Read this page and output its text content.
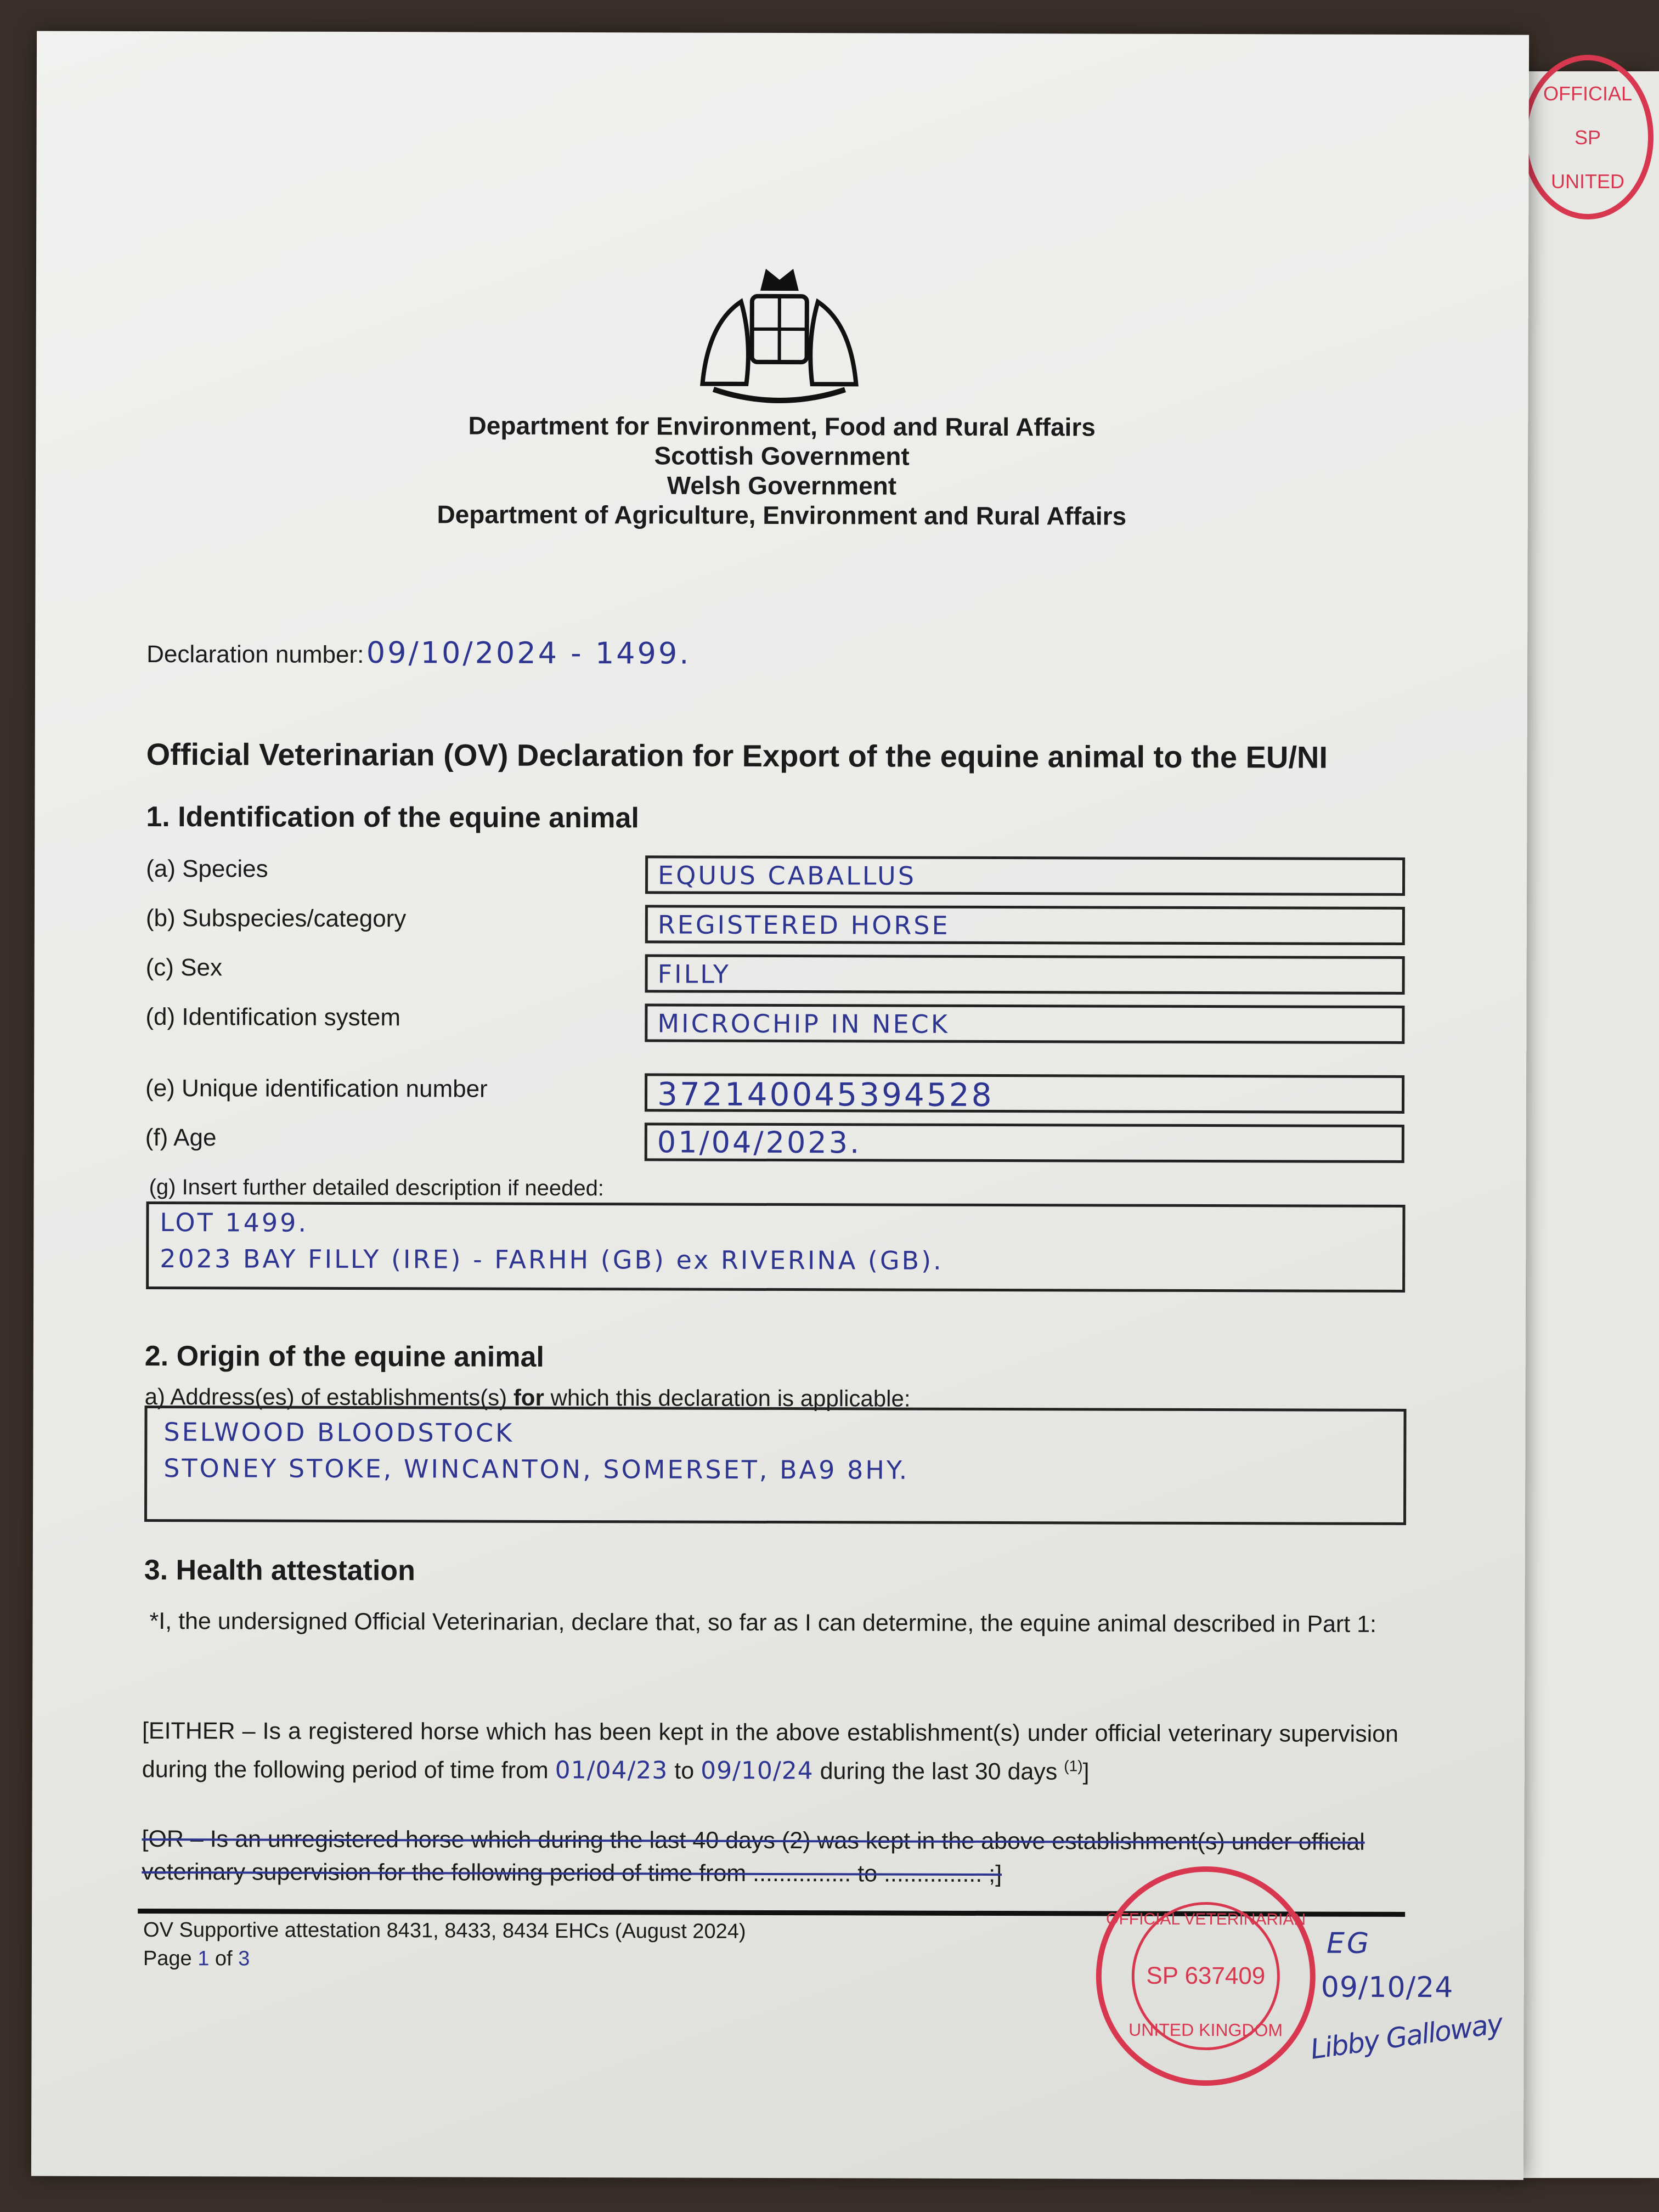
OFFICIAL
SP
UNITED
Department for Environment, Food and Rural Affairs
Scottish Government
Welsh Government
Department of Agriculture, Environment and Rural Affairs
Declaration number: 09/10/2024 - 1499.
Official Veterinarian (OV) Declaration for Export of the equine animal to the EU/NI
1. Identification of the equine animal
(a) Species	EQUUS CABALLUS
(b) Subspecies/category	REGISTERED HORSE
(c) Sex	FILLY
(d) Identification system	MICROCHIP IN NECK
(e) Unique identification number	372140045394528
(f) Age	01/04/2023.
(g) Insert further detailed description if needed:
LOT 1499.
2023 BAY FILLY (IRE) - FARHH (GB) ex RIVERINA (GB).
2. Origin of the equine animal
a) Address(es) of establishments(s) for which this declaration is applicable:
SELWOOD BLOODSTOCK
STONEY STOKE, WINCANTON, SOMERSET, BA9 8HY.
3. Health attestation
*I, the undersigned Official Veterinarian, declare that, so far as I can determine, the equine animal described in Part 1:
[EITHER – Is a registered horse which has been kept in the above establishment(s) under official veterinary supervision during the following period of time from 01/04/23 to 09/10/24 during the last 30 days $^{(1)}$]
[OR – Is an unregistered horse which during the last 40 days (2) was kept in the above establishment(s) under official veterinary supervision for the following period of time from ............... to ............... ;]
OV Supportive attestation 8431, 8433, 8434 EHCs (August 2024)
Page 1 of 3
OFFICIAL VETERINARIAN
SP 637409
UNITED KINGDOM
EG
09/10/24
Libby Galloway
